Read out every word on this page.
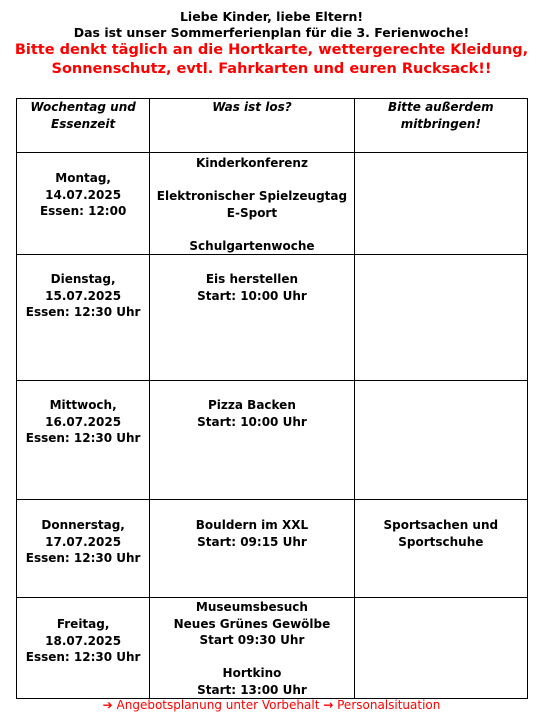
Liebe Kinder, liebe Eltern!
Das ist unser Sommerferienplan für die 3. Ferienwoche!
Bitte denkt täglich an die Hortkarte, wettergerechte Kleidung,
Sonnenschutz, evtl. Fahrkarten und euren Rucksack!!
Wochentag und
Essenzeit	Was ist los?	Bitte außerdem
mitbringen!

Montag,
14.07.2025
Essen: 12:00	Kinderkonferenz
Elektronischer Spielzeugtag
E-Sport
Schulgartenwoche	

Dienstag,
15.07.2025
Essen: 12:30 Uhr	Eis herstellen
Start: 10:00 Uhr	

Mittwoch,
16.07.2025
Essen: 12:30 Uhr	Pizza Backen
Start: 10:00 Uhr	

Donnerstag,
17.07.2025
Essen: 12:30 Uhr	Bouldern im XXL
Start: 09:15 Uhr	Sportsachen und
Sportschuhe

Freitag,
18.07.2025
Essen: 12:30 Uhr	Museumsbesuch
Neues Grünes Gewölbe
Start 09:30 Uhr
Hortkino
Start: 13:00 Uhr	

➔ Angebotsplanung unter Vorbehalt → Personalsituation
